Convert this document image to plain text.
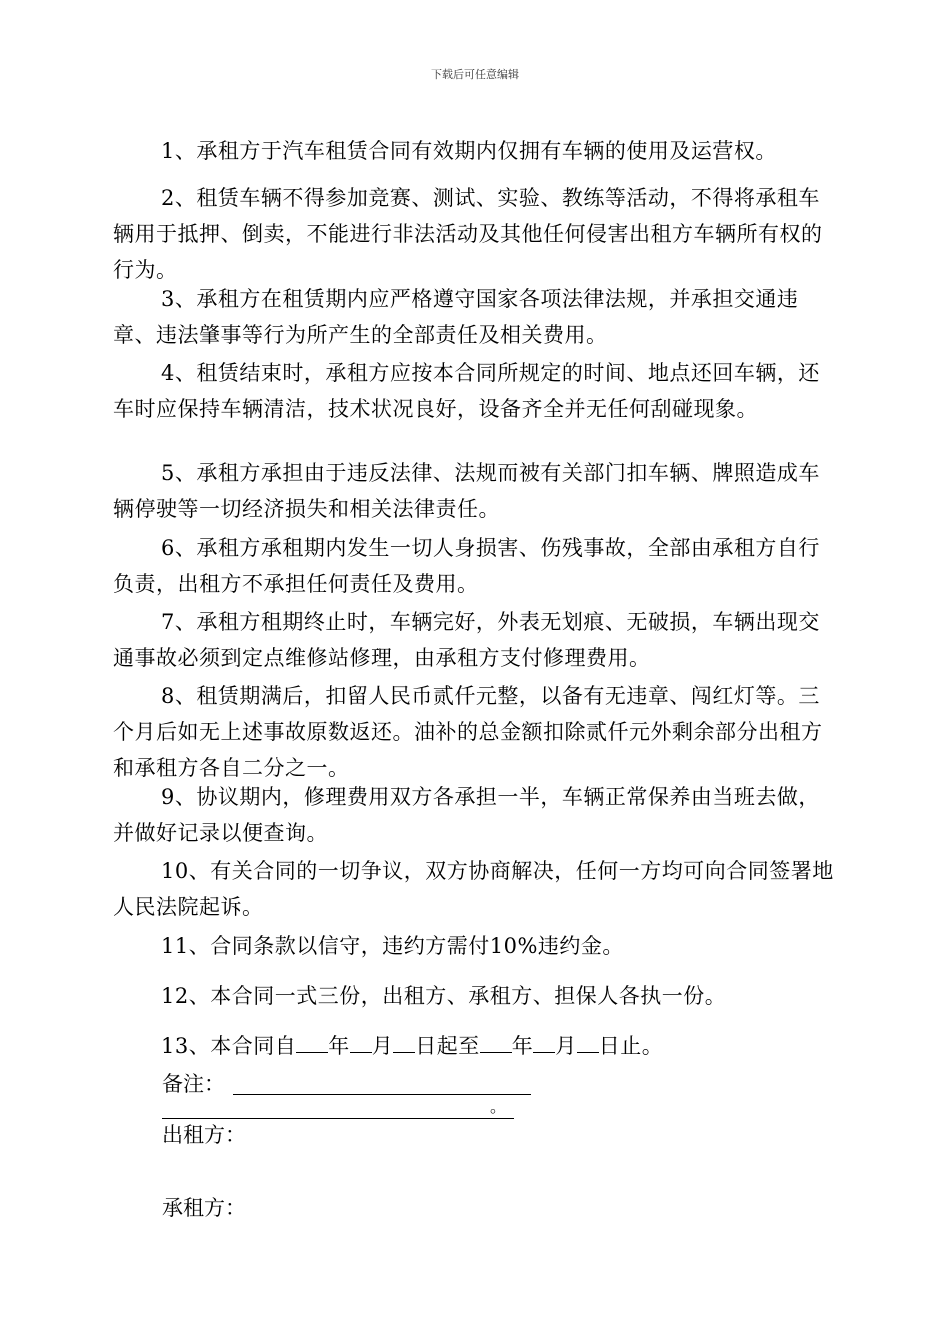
下载后可任意编辑
1、承租方于汽车租赁合同有效期内仅拥有车辆的使用及运营权。
2、租赁车辆不得参加竞赛、测试、实验、教练等活动，不得将承租车辆用于抵押、倒卖，不能进行非法活动及其他任何侵害出租方车辆所有权的行为。
3、承租方在租赁期内应严格遵守国家各项法律法规，并承担交通违章、违法肇事等行为所产生的全部责任及相关费用。
4、租赁结束时，承租方应按本合同所规定的时间、地点还回车辆，还车时应保持车辆清洁，技术状况良好，设备齐全并无任何刮碰现象。
5、承租方承担由于违反法律、法规而被有关部门扣车辆、牌照造成车辆停驶等一切经济损失和相关法律责任。
6、承租方承租期内发生一切人身损害、伤残事故，全部由承租方自行负责，出租方不承担任何责任及费用。
7、承租方租期终止时，车辆完好，外表无划痕、无破损，车辆出现交通事故必须到定点维修站修理，由承租方支付修理费用。
8、租赁期满后，扣留人民币贰仟元整，以备有无违章、闯红灯等。三个月后如无上述事故原数返还。油补的总金额扣除贰仟元外剩余部分出租方和承租方各自二分之一。
9、协议期内，修理费用双方各承担一半，车辆正常保养由当班去做，并做好记录以便查询。
10、有关合同的一切争议，双方协商解决，任何一方均可向合同签署地人民法院起诉。
11、合同条款以信守，违约方需付10%违约金。
12、本合同一式三份，出租方、承租方、担保人各执一份。
13、本合同自 年 月 日起至 年 月 日止。
备注：
。
出租方：
承租方：
